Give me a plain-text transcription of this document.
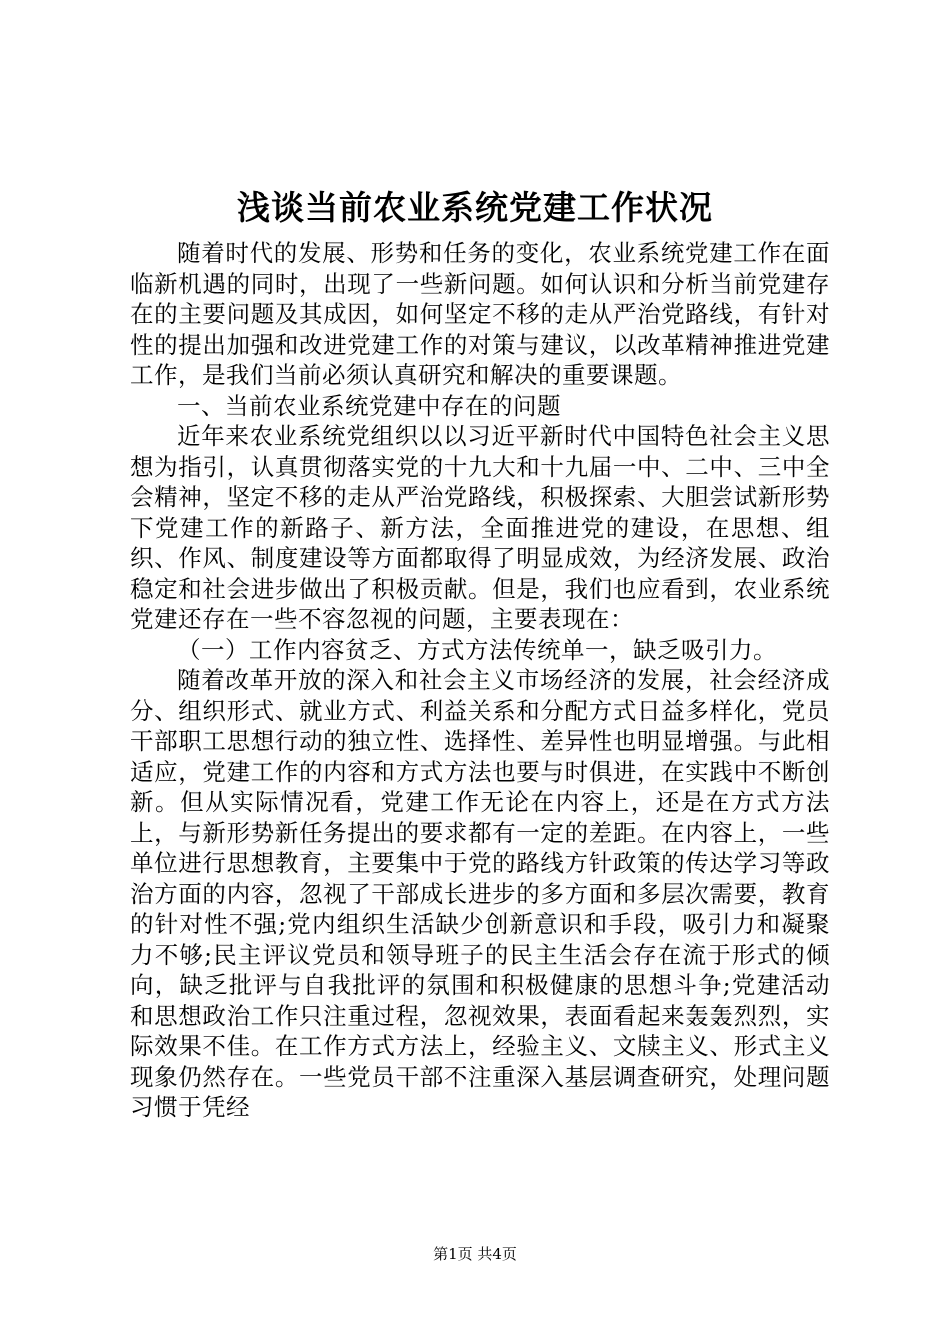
浅谈当前农业系统党建工作状况

随着时代的发展、形势和任务的变化，农业系统党建工作在面临新机遇的同时，出现了一些新问题。如何认识和分析当前党建存在的主要问题及其成因，如何坚定不移的走从严治党路线，有针对性的提出加强和改进党建工作的对策与建议，以改革精神推进党建工作，是我们当前必须认真研究和解决的重要课题。

一、当前农业系统党建中存在的问题

近年来农业系统党组织以以习近平新时代中国特色社会主义思想为指引，认真贯彻落实党的十九大和十九届一中、二中、三中全会精神，坚定不移的走从严治党路线，积极探索、大胆尝试新形势下党建工作的新路子、新方法，全面推进党的建设，在思想、组织、作风、制度建设等方面都取得了明显成效，为经济发展、政治稳定和社会进步做出了积极贡献。但是，我们也应看到，农业系统党建还存在一些不容忽视的问题，主要表现在：

（一）工作内容贫乏、方式方法传统单一，缺乏吸引力。

随着改革开放的深入和社会主义市场经济的发展，社会经济成分、组织形式、就业方式、利益关系和分配方式日益多样化，党员干部职工思想行动的独立性、选择性、差异性也明显增强。与此相适应，党建工作的内容和方式方法也要与时俱进，在实践中不断创新。但从实际情况看，党建工作无论在内容上，还是在方式方法上，与新形势新任务提出的要求都有一定的差距。在内容上，一些单位进行思想教育，主要集中于党的路线方针政策的传达学习等政治方面的内容，忽视了干部成长进步的多方面和多层次需要，教育的针对性不强;党内组织生活缺少创新意识和手段，吸引力和凝聚力不够;民主评议党员和领导班子的民主生活会存在流于形式的倾向，缺乏批评与自我批评的氛围和积极健康的思想斗争;党建活动和思想政治工作只注重过程，忽视效果，表面看起来轰轰烈烈，实际效果不佳。在工作方式方法上，经验主义、文牍主义、形式主义现象仍然存在。一些党员干部不注重深入基层调查研究，处理问题习惯于凭经

第1页 共4页
